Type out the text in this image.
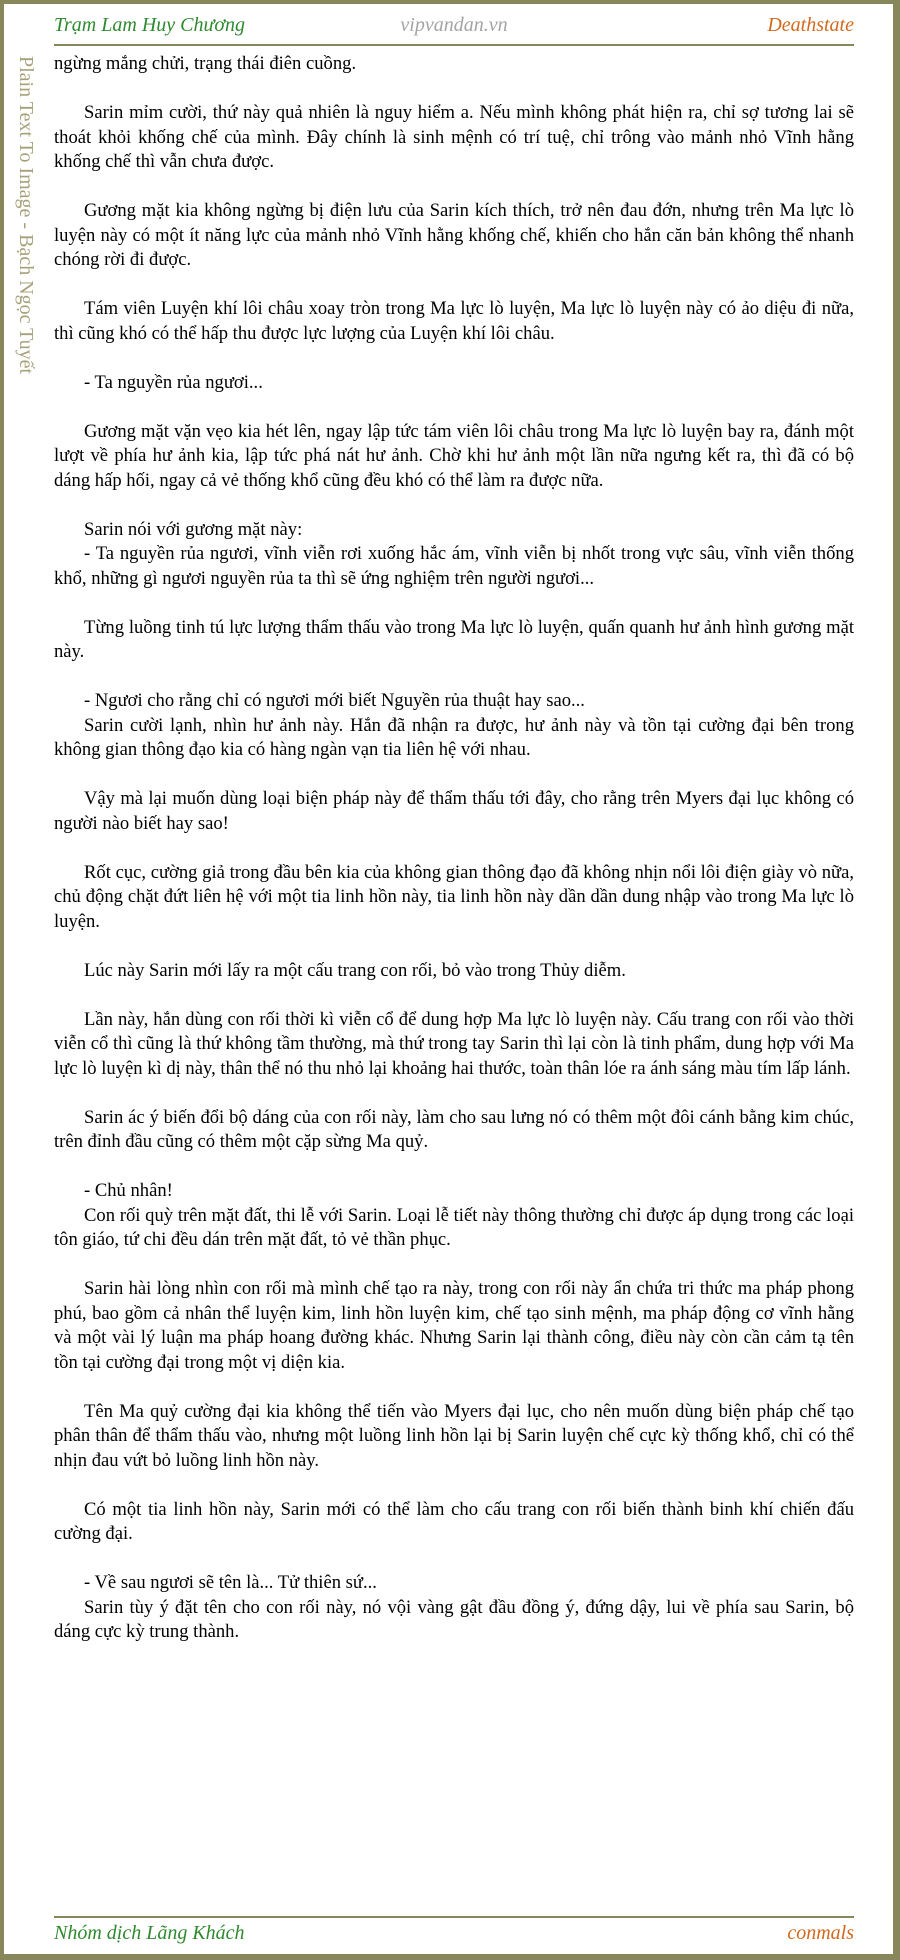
Trạm Lam Huy Chương	vipvandan.vn	Deathstate
Plain Text To Image - Bạch Ngọc Tuyết ngừng mắng chửi, trạng thái điên cuồng.

Sarin mỉm cười, thứ này quả nhiên là nguy hiểm a. Nếu mình không phát hiện ra, chỉ sợ tương lai sẽ thoát khỏi khống chế của mình. Đây chính là sinh mệnh có trí tuệ, chỉ trông vào mảnh nhỏ Vĩnh hằng khống chế thì vẫn chưa được.

Gương mặt kia không ngừng bị điện lưu của Sarin kích thích, trở nên đau đớn, nhưng trên Ma lực lò luyện này có một ít năng lực của mảnh nhỏ Vĩnh hằng khống chế, khiến cho hắn căn bản không thể nhanh chóng rời đi được.

Tám viên Luyện khí lôi châu xoay tròn trong Ma lực lò luyện, Ma lực lò luyện này có ảo diệu đi nữa, thì cũng khó có thể hấp thu được lực lượng của Luyện khí lôi châu.

- Ta nguyền rủa ngươi...

Gương mặt vặn vẹo kia hét lên, ngay lập tức tám viên lôi châu trong Ma lực lò luyện bay ra, đánh một lượt về phía hư ảnh kia, lập tức phá nát hư ảnh. Chờ khi hư ảnh một lần nữa ngưng kết ra, thì đã có bộ dáng hấp hối, ngay cả vẻ thống khổ cũng đều khó có thể làm ra được nữa.

Sarin nói với gương mặt này:

- Ta nguyền rủa ngươi, vĩnh viễn rơi xuống hắc ám, vĩnh viễn bị nhốt trong vực sâu, vĩnh viễn thống khổ, những gì ngươi nguyền rủa ta thì sẽ ứng nghiệm trên người ngươi...

Từng luồng tinh tú lực lượng thẩm thấu vào trong Ma lực lò luyện, quấn quanh hư ảnh hình gương mặt này.

- Ngươi cho rằng chỉ có ngươi mới biết Nguyền rủa thuật hay sao...

Sarin cười lạnh, nhìn hư ảnh này. Hắn đã nhận ra được, hư ảnh này và tồn tại cường đại bên trong không gian thông đạo kia có hàng ngàn vạn tia liên hệ với nhau.

Vậy mà lại muốn dùng loại biện pháp này để thẩm thấu tới đây, cho rằng trên Myers đại lục không có người nào biết hay sao!

Rốt cục, cường giả trong đầu bên kia của không gian thông đạo đã không nhịn nổi lôi điện giày vò nữa, chủ động chặt đứt liên hệ với một tia linh hồn này, tia linh hồn này dần dần dung nhập vào trong Ma lực lò luyện.

Lúc này Sarin mới lấy ra một cấu trang con rối, bỏ vào trong Thủy diễm.

Lần này, hắn dùng con rối thời kì viễn cổ để dung hợp Ma lực lò luyện này. Cấu trang con rối vào thời viễn cổ thì cũng là thứ không tầm thường, mà thứ trong tay Sarin thì lại còn là tinh phẩm, dung hợp với Ma lực lò luyện kì dị này, thân thể nó thu nhỏ lại khoảng hai thước, toàn thân lóe ra ánh sáng màu tím lấp lánh.

Sarin ác ý biến đổi bộ dáng của con rối này, làm cho sau lưng nó có thêm một đôi cánh bằng kim chúc, trên đỉnh đầu cũng có thêm một cặp sừng Ma quỷ.

- Chủ nhân!

Con rối quỳ trên mặt đất, thi lễ với Sarin. Loại lễ tiết này thông thường chỉ được áp dụng trong các loại tôn giáo, tứ chi đều dán trên mặt đất, tỏ vẻ thần phục.

Sarin hài lòng nhìn con rối mà mình chế tạo ra này, trong con rối này ẩn chứa tri thức ma pháp phong phú, bao gồm cả nhân thể luyện kim, linh hồn luyện kim, chế tạo sinh mệnh, ma pháp động cơ vĩnh hằng và một vài lý luận ma pháp hoang đường khác. Nhưng Sarin lại thành công, điều này còn cần cảm tạ tên tồn tại cường đại trong một vị diện kia.

Tên Ma quỷ cường đại kia không thể tiến vào Myers đại lục, cho nên muốn dùng biện pháp chế tạo phân thân để thẩm thấu vào, nhưng một luồng linh hồn lại bị Sarin luyện chế cực kỳ thống khổ, chỉ có thể nhịn đau vứt bỏ luồng linh hồn này.

Có một tia linh hồn này, Sarin mới có thể làm cho cấu trang con rối biến thành binh khí chiến đấu cường đại.

- Về sau ngươi sẽ tên là... Tử thiên sứ...

Sarin tùy ý đặt tên cho con rối này, nó vội vàng gật đầu đồng ý, đứng dậy, lui về phía sau Sarin, bộ dáng cực kỳ trung thành.

Nhóm dịch Lãng Khách	conmals
